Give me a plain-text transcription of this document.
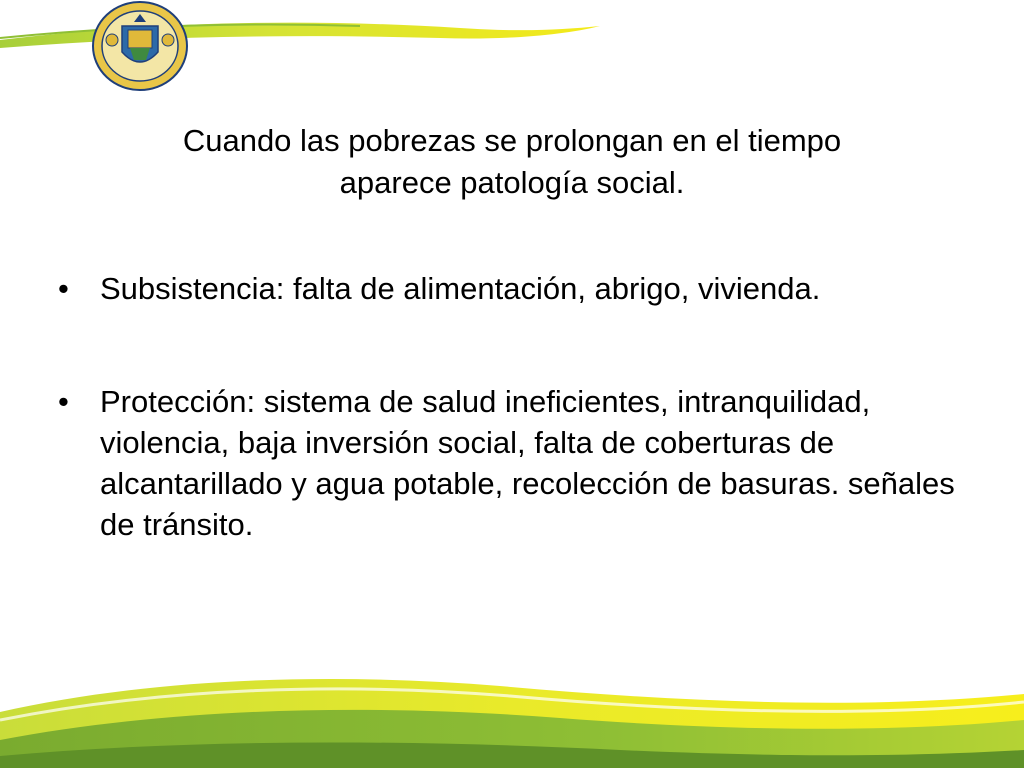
Cuando las pobrezas se prolongan en el tiempo
aparece patología social.

• Subsistencia: falta de alimentación, abrigo, vivienda.
• Protección: sistema de salud ineficientes, intranquilidad, violencia, baja inversión social, falta de coberturas de alcantarillado y agua potable, recolección de basuras. señales de tránsito.
